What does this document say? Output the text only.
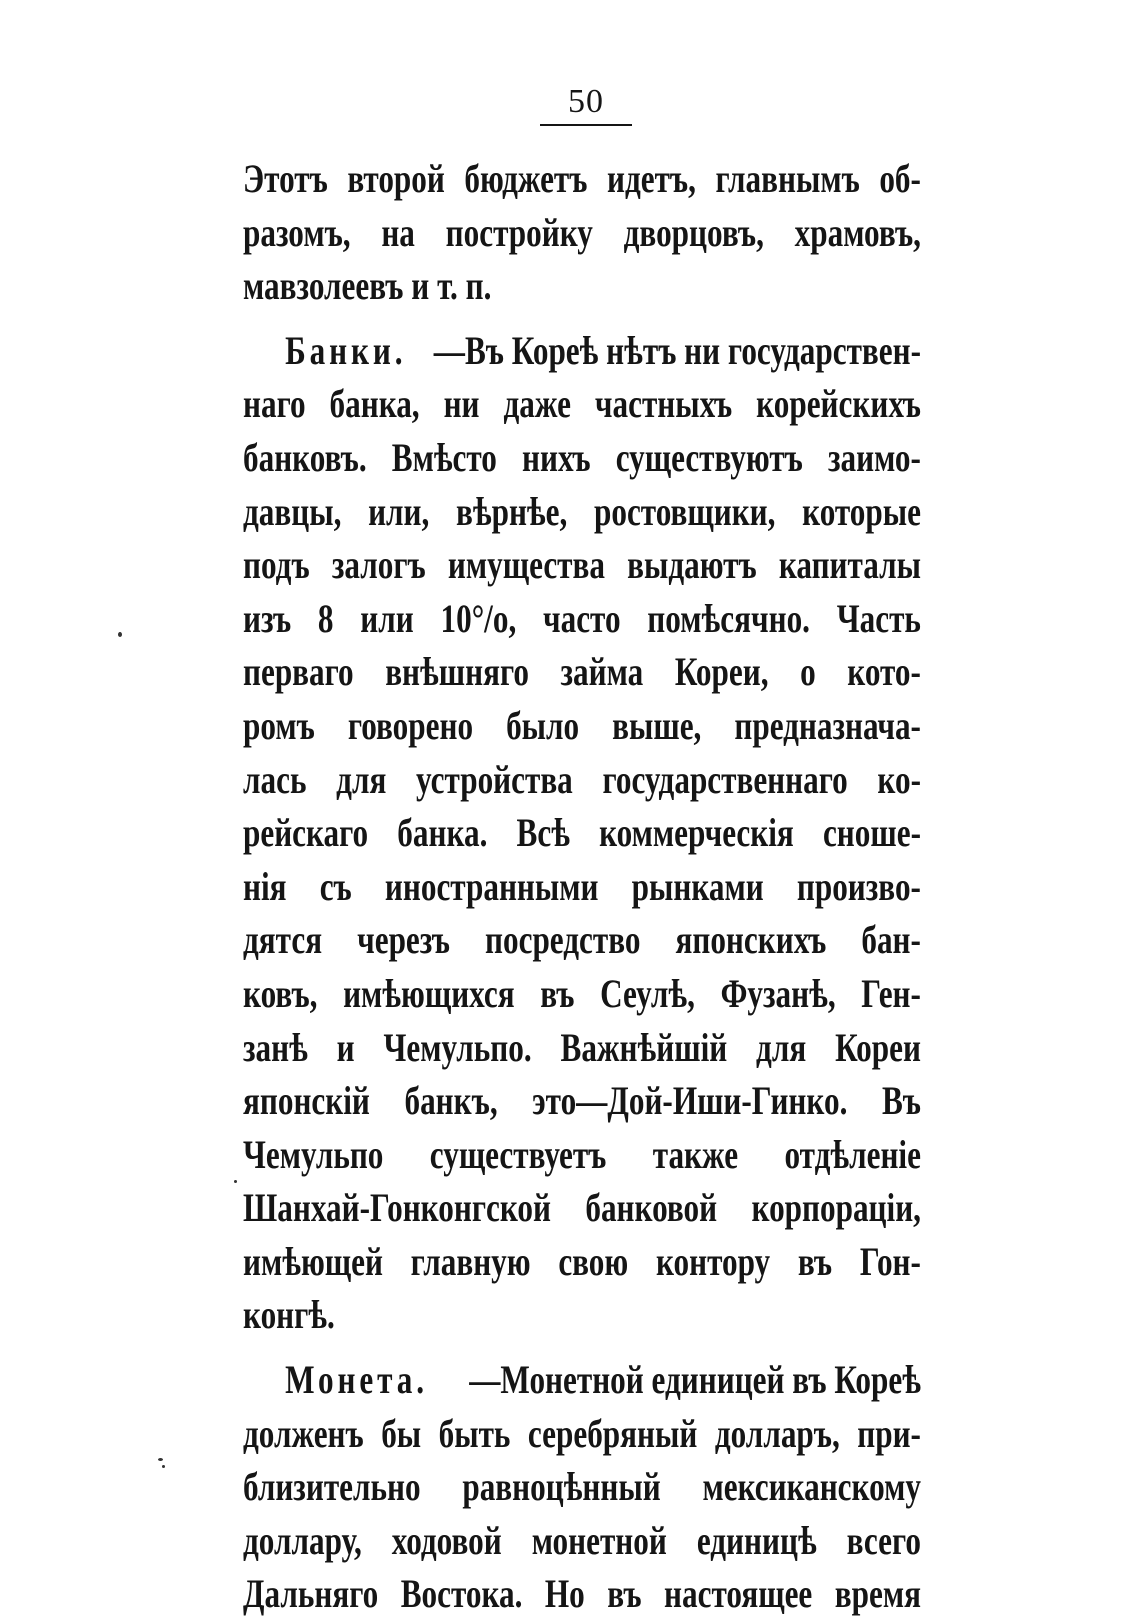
50
Этотъ второй бюджетъ идетъ, главнымъ об-
разомъ, на постройку дворцовъ, храмовъ,
мавзолеевъ и т. п.
Банки. —Въ Кореѣ нѣтъ ни государствен-
наго банка, ни даже частныхъ корейскихъ
банковъ. Вмѣсто нихъ существуютъ заимо-
давцы, или, вѣрнѣе, ростовщики, которые
подъ залогъ имущества выдаютъ капиталы
изъ 8 или 10°/о, часто помѣсячно. Часть
перваго внѣшняго займа Кореи, о кото-
ромъ говорено было выше, предназнача-
лась для устройства государственнаго ко-
рейскаго банка. Всѣ коммерческія снoше-
нія съ иностранными рынками произво-
дятся черезъ посредство японскихъ бан-
ковъ, имѣющихся въ Сеулѣ, Фузанѣ, Ген-
занѣ и Чемульпо. Важнѣйшій для Кореи
японскій банкъ, это—Дой-Иши-Гинко. Въ
Чемульпо существуетъ также отдѣленіе
Шанхай-Гонконгской банковой корпораціи,
имѣющей главную свою контору въ Гон-
конгѣ.
Монета. —Монетной единицей въ Кореѣ
долженъ бы быть серебряный долларъ, при-
близительно равноцѣнный мексиканскому
доллару, ходовой монетной единицѣ всего
Дальняго Востока. Но въ настоящее время
